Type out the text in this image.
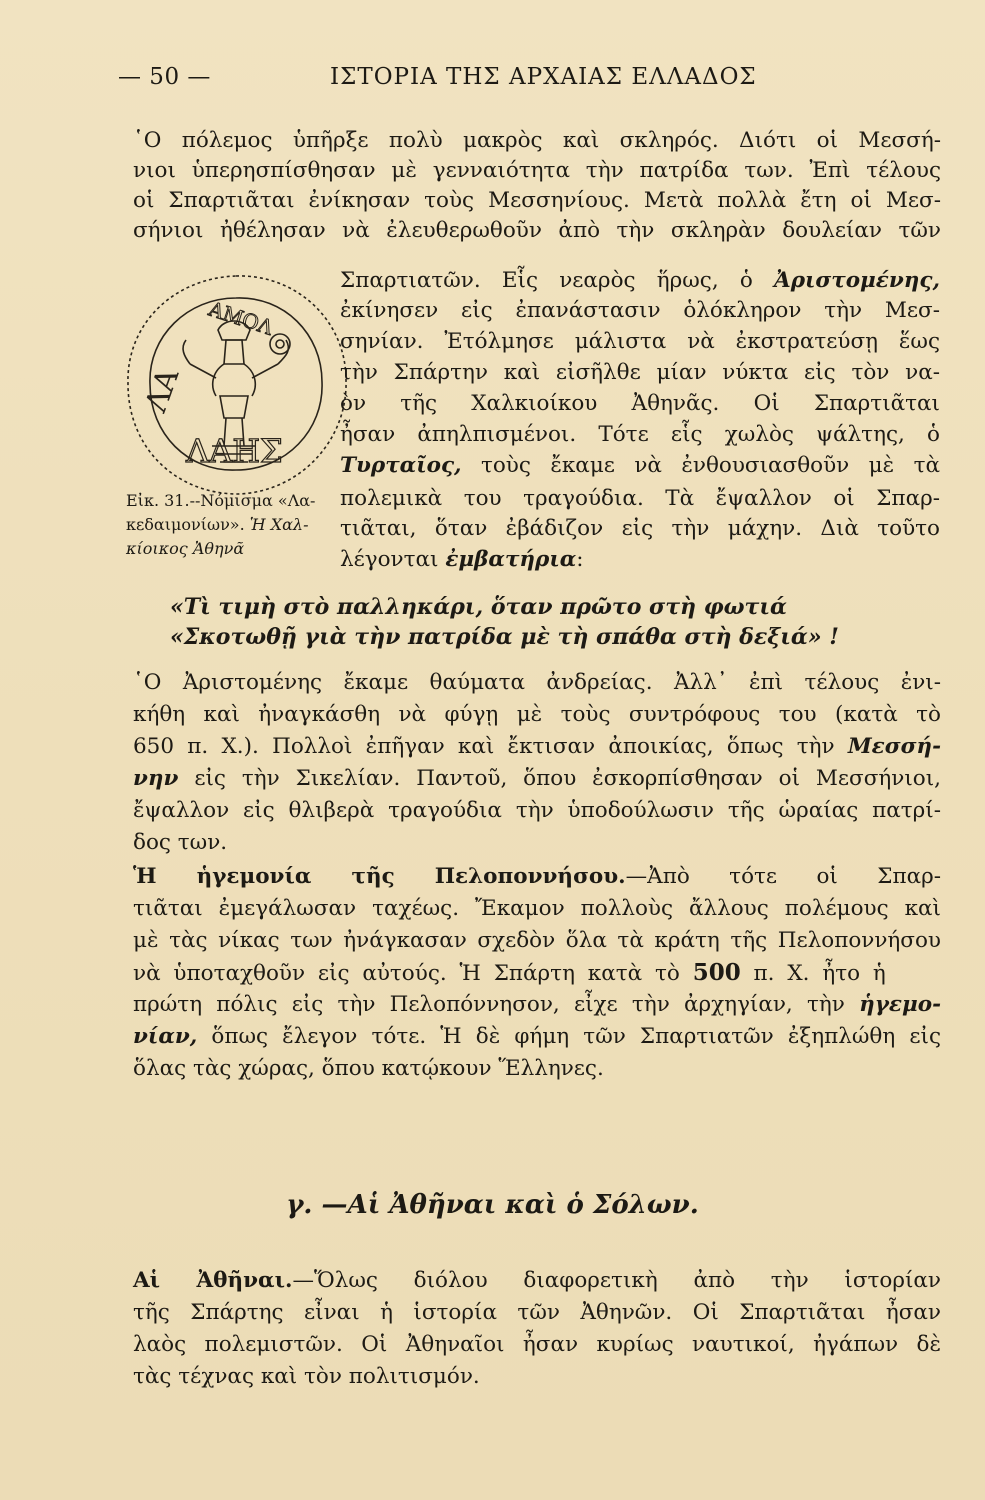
— 50 —	ΙΣΤΟΡΙΑ ΤΗΣ ΑΡΧΑΙΑΣ ΕΛΛΑΔΟΣ
῾Ο πόλεμος ὑπῆρξε πολὺ μακρὸς καὶ σκληρός. Διότι οἱ Μεσσή-
νιοι ὑπερησπίσθησαν μὲ γενναιότητα τὴν πατρίδα των. Ἐπὶ τέλους
οἱ Σπαρτιᾶται ἐνίκησαν τοὺς Μεσσηνίους. Μετὰ πολλὰ ἔτη οἱ Μεσ-
σήνιοι ἠθέλησαν νὰ ἐλευθερωθοῦν ἀπὸ τὴν σκληρὰν δουλείαν τῶν
ΛΑ
ΛΑΗΣ
ΑΜΟΛ
Σπαρτιατῶν. Εἷς νεαρὸς ἥρως, ὁ Ἀριστομένης,
ἐκίνησεν εἰς ἐπανάστασιν ὁλόκληρον τὴν Μεσ-
σηνίαν. Ἐτόλμησε μάλιστα νὰ ἐκστρατεύσῃ ἕως
τὴν Σπάρτην καὶ εἰσῆλθε μίαν νύκτα εἰς τὸν να-
ὸν τῆς Χαλκιοίκου Ἀθηνᾶς. Οἱ Σπαρτιᾶται
ἦσαν ἀπηλπισμένοι. Τότε εἷς χωλὸς ψάλτης, ὁ
Τυρταῖος, τοὺς ἔκαμε νὰ ἐνθουσιασθοῦν μὲ τὰ
πολεμικὰ του τραγούδια. Τὰ ἔψαλλον οἱ Σπαρ-
τιᾶται, ὅταν ἐβάδιζον εἰς τὴν μάχην. Διὰ τοῦτο
λέγονται ἐμβατήρια:
Εἰκ. 31.--Νόμισμα «Λα-
κεδαιμονίων». Ἡ Χαλ-
κίοικος Ἀθηνᾶ
«Τὶ τιμὴ στὸ παλληκάρι, ὅταν πρῶτο στὴ φωτιά
«Σκοτωθῇ γιὰ τὴν πατρίδα μὲ τὴ σπάθα στὴ δεξιά» !
῾Ο Ἀριστομένης ἔκαμε θαύματα ἀνδρείας. Ἀλλ᾽ ἐπὶ τέλους ἐνι-
κήθη καὶ ἠναγκάσθη νὰ φύγῃ μὲ τοὺς συντρόφους του (κατὰ τὸ
650 π. Χ.). Πολλοὶ ἐπῆγαν καὶ ἔκτισαν ἀποικίας, ὅπως τὴν Μεσσή-
νην εἰς τὴν Σικελίαν. Παντοῦ, ὅπου ἐσκορπίσθησαν οἱ Μεσσήνιοι,
ἔψαλλον εἰς θλιβερὰ τραγούδια τὴν ὑποδούλωσιν τῆς ὡραίας πατρί-
δος των.
Ἡ ἡγεμονία τῆς Πελοποννήσου.—Ἀπὸ τότε οἱ Σπαρ-
τιᾶται ἐμεγάλωσαν ταχέως. Ἔκαμον πολλοὺς ἄλλους πολέμους καὶ
μὲ τὰς νίκας των ἠνάγκασαν σχεδὸν ὅλα τὰ κράτη τῆς Πελοποννήσου
νὰ ὑποταχθοῦν εἰς αὐτούς. Ἡ Σπάρτη κατὰ τὸ 500 π. Χ. ἦτο ἡ
πρώτη πόλις εἰς τὴν Πελοπόννησον, εἶχε τὴν ἀρχηγίαν, τὴν ἡγεμο-
νίαν, ὅπως ἔλεγον τότε. Ἡ δὲ φήμη τῶν Σπαρτιατῶν ἐξηπλώθη εἰς
ὅλας τὰς χώρας, ὅπου κατῴκουν Ἕλληνες.
γ. —Αἱ Ἀθῆναι καὶ ὁ Σόλων.
Αἱ Ἀθῆναι.—Ὅλως διόλου διαφορετικὴ ἀπὸ τὴν ἱστορίαν
τῆς Σπάρτης εἶναι ἡ ἱστορία τῶν Ἀθηνῶν. Οἱ Σπαρτιᾶται ἦσαν
λαὸς πολεμιστῶν. Οἱ Ἀθηναῖοι ἦσαν κυρίως ναυτικοί, ἠγάπων δὲ
τὰς τέχνας καὶ τὸν πολιτισμόν.
